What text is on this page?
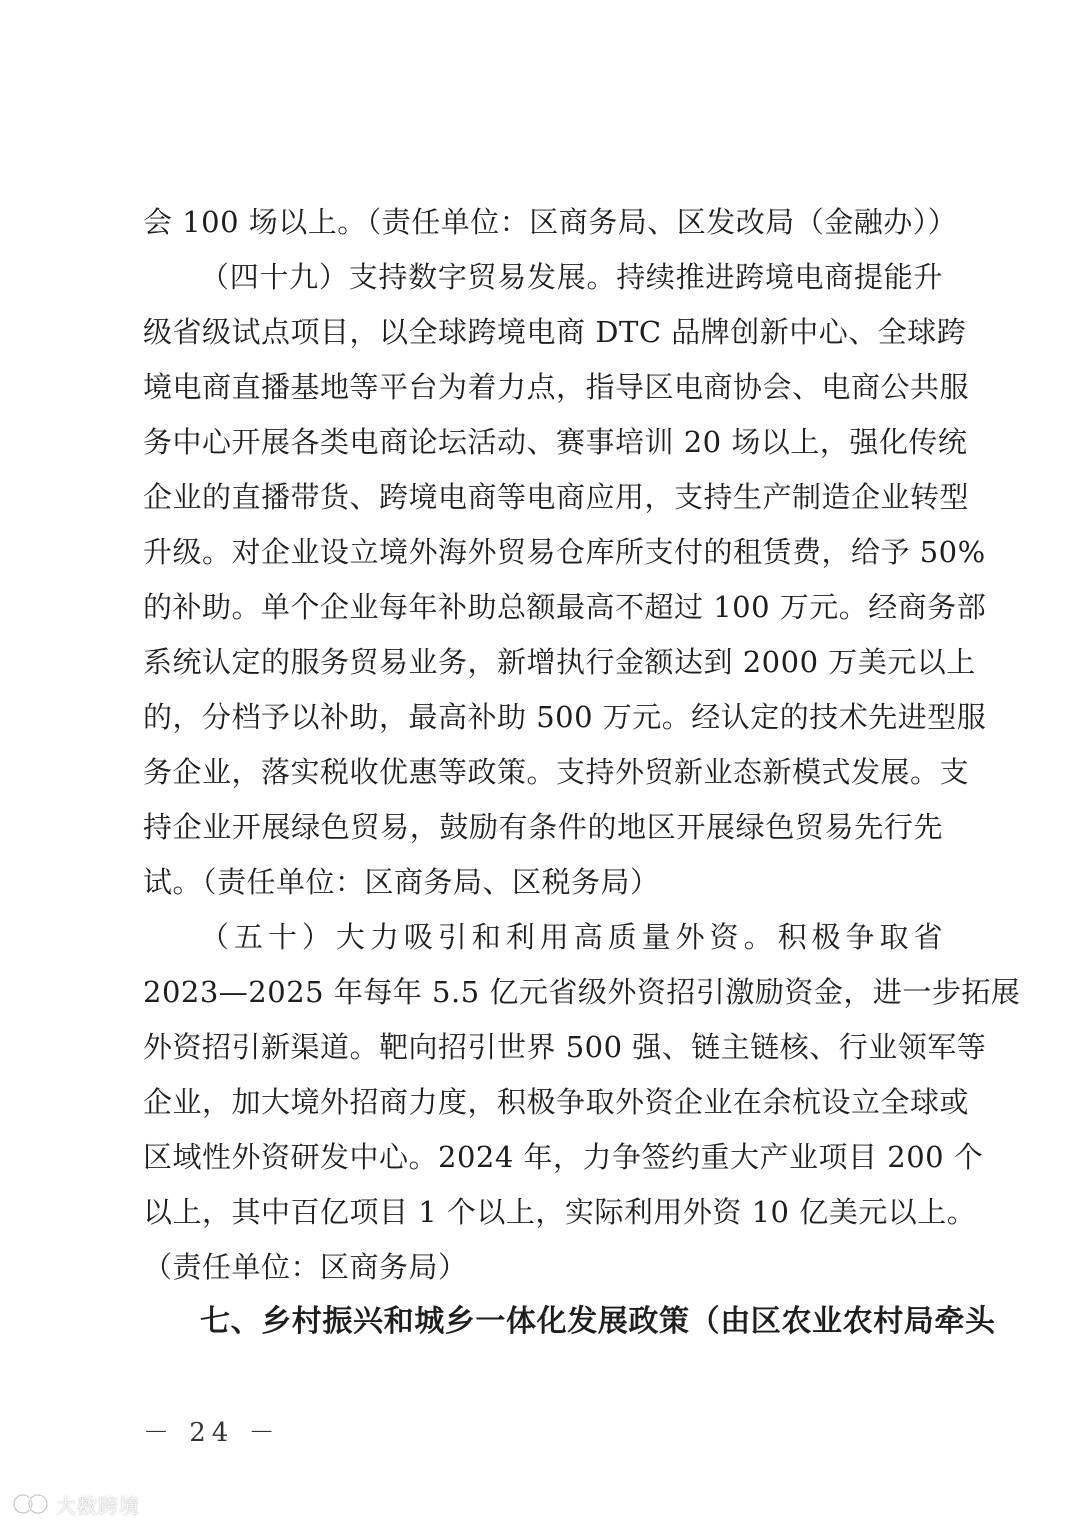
会 100 场以上。（责任单位：区商务局、区发改局（金融办））
（四十九）支持数字贸易发展。持续推进跨境电商提能升
级省级试点项目，以全球跨境电商 DTC 品牌创新中心、全球跨
境电商直播基地等平台为着力点，指导区电商协会、电商公共服
务中心开展各类电商论坛活动、赛事培训 20 场以上，强化传统
企业的直播带货、跨境电商等电商应用，支持生产制造企业转型
升级。对企业设立境外海外贸易仓库所支付的租赁费，给予 50%
的补助。单个企业每年补助总额最高不超过 100 万元。经商务部
系统认定的服务贸易业务，新增执行金额达到 2000 万美元以上
的，分档予以补助，最高补助 500 万元。经认定的技术先进型服
务企业，落实税收优惠等政策。支持外贸新业态新模式发展。支
持企业开展绿色贸易，鼓励有条件的地区开展绿色贸易先行先
试。（责任单位：区商务局、区税务局）
（五十）大力吸引和利用高质量外资。积极争取省
2023—2025 年每年 5.5 亿元省级外资招引激励资金，进一步拓展
外资招引新渠道。靶向招引世界 500 强、链主链核、行业领军等
企业，加大境外招商力度，积极争取外资企业在余杭设立全球或
区域性外资研发中心。2024 年，力争签约重大产业项目 200 个
以上，其中百亿项目 1 个以上，实际利用外资 10 亿美元以上。
（责任单位：区商务局）
七、乡村振兴和城乡一体化发展政策（由区农业农村局牵头
－ 24 －
大数跨境
